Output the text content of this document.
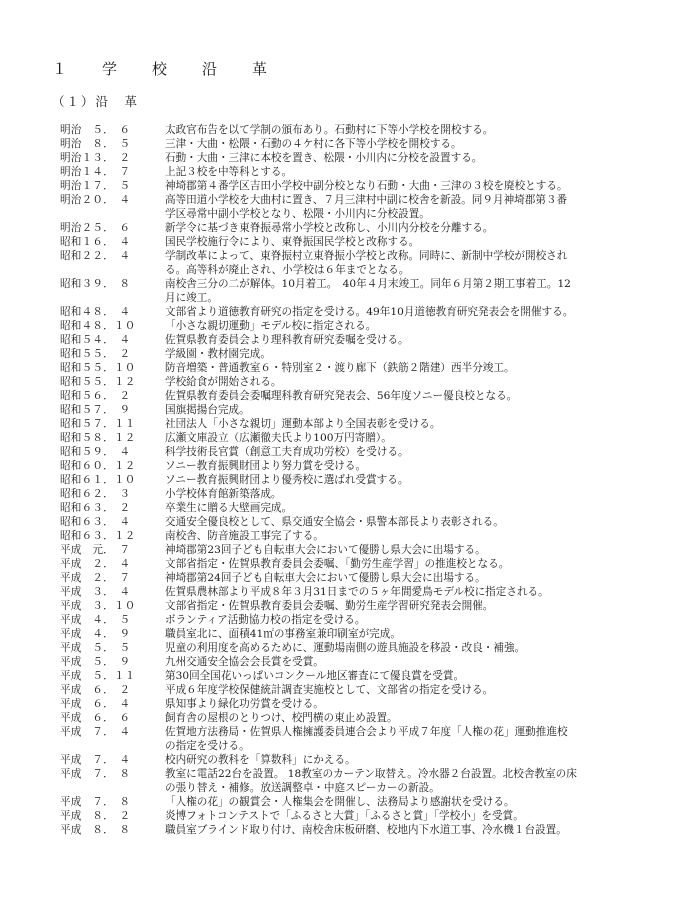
１　学　校　沿　革
（１）沿　革
明治　５．　６	太政官布告を以て学制の頒布あり。石動村に下等小学校を開校する。
明治　８．　５	三津・大曲・松隈・石動の４ケ村に各下等小学校を開校する。
明治１３．　２	石動・大曲・三津に本校を置き、松隈・小川内に分校を設置する。
明治１４．　７	上記３校を中等科とする。
明治１７．　５	神埼郡第４番学区吉田小学校中副分校となり石動・大曲・三津の３校を廃校とする。
明治２０．　４	高等田道小学校を大曲村に置き、７月三津村中副に校舎を新設。同９月神埼郡第３番
学区尋常中副小学校となり、松隈・小川内に分校設置。
明治２５．　６	新学令に基づき東脊振尋常小学校と改称し、小川内分校を分離する。
昭和１６．　４	国民学校施行令により、東脊振国民学校と改称する。
昭和２２．　４	学制改革によって、東脊振村立東脊振小学校と改称。同時に、新制中学校が開校され
る。高等科が廃止され、小学校は６年までとなる。
昭和３９．　８	南校舎三分の二が解体。10月着工。　40年４月末竣工。同年６月第２期工事着工。12
月に竣工。
昭和４８．　４	文部省より道徳教育研究の指定を受ける。49年10月道徳教育研究発表会を開催する。
昭和４８．１０	「小さな親切運動」モデル校に指定される。
昭和５４．　４	佐賀県教育委員会より理科教育研究委嘱を受ける。
昭和５５．　２	学級園・教材園完成。
昭和５５．１０	防音増築・普通教室６・特別室２・渡り廊下（鉄筋２階建）西半分竣工。
昭和５５．１２	学校給食が開始される。
昭和５６．　２	佐賀県教育委員会委嘱理科教育研究発表会、56年度ソニー優良校となる。
昭和５７．　９	国旗掲揚台完成。
昭和５７．１１	社団法人「小さな親切」運動本部より全国表彰を受ける。
昭和５８．１２	広瀬文庫設立（広瀬徹夫氏より100万円寄贈）。
昭和５９．　４	科学技術長官賞（創意工夫育成功労校）を受ける。
昭和６０．１２	ソニー教育振興財団より努力賞を受ける。
昭和６１．１０	ソニー教育振興財団より優秀校に選ばれ受賞する。
昭和６２．　３	小学校体育館新築落成。
昭和６３．　２	卒業生に贈る大壁画完成。
昭和６３．　４	交通安全優良校として、県交通安全協会・県警本部長より表彰される。
昭和６３．１２	南校舎、防音施設工事完了する。
平成　元．　７	神埼郡第23回子ども自転車大会において優勝し県大会に出場する。
平成　２．　４	文部省指定・佐賀県教育委員会委嘱、「勤労生産学習」の推進校となる。
平成　２．　７	神埼郡第24回子ども自転車大会において優勝し県大会に出場する。
平成　３．　４	佐賀県農林部より平成８年３月31日までの５ヶ年間愛鳥モデル校に指定される。
平成　３．１０	文部省指定・佐賀県教育委員会委嘱、勤労生産学習研究発表会開催。
平成　４．　５	ボランティア活動協力校の指定を受ける。
平成　４．　９	職員室北に、面積41㎡の事務室兼印刷室が完成。
平成　５．　５	児童の利用度を高めるために、運動場南側の遊具施設を移設・改良・補強。
平成　５．　９	九州交通安全協会会長賞を受賞。
平成　５．１１	第30回全国花いっぱいコンクール地区審査にて優良賞を受賞。
平成　６．　２	平成６年度学校保健統計調査実施校として、文部省の指定を受ける。
平成　６．　４	県知事より緑化功労賞を受ける。
平成　６．　６	飼育舎の屋根のとりつけ、校門横の東止め設置。
平成　７．　４	佐賀地方法務局・佐賀県人権擁護委員連合会より平成７年度「人権の花」運動推進校
の指定を受ける。
平成　７．　４	校内研究の教科を「算数科」にかえる。
平成　７．　８	教室に電話22台を設置。 18教室のカーテン取替え。冷水器２台設置。北校舎教室の床
の張り替え・補修。放送調整卓・中庭スピーカーの新設。
平成　７．　８	「人権の花」の観賞会・人権集会を開催し、法務局より感謝状を受ける。
平成　８．　２	炎博フォトコンテストで「ふるさと大賞」「ふるさと賞」「学校小」を受賞。
平成　８．　８	職員室ブラインド取り付け、南校舎床板研磨、校地内下水道工事、冷水機１台設置。
